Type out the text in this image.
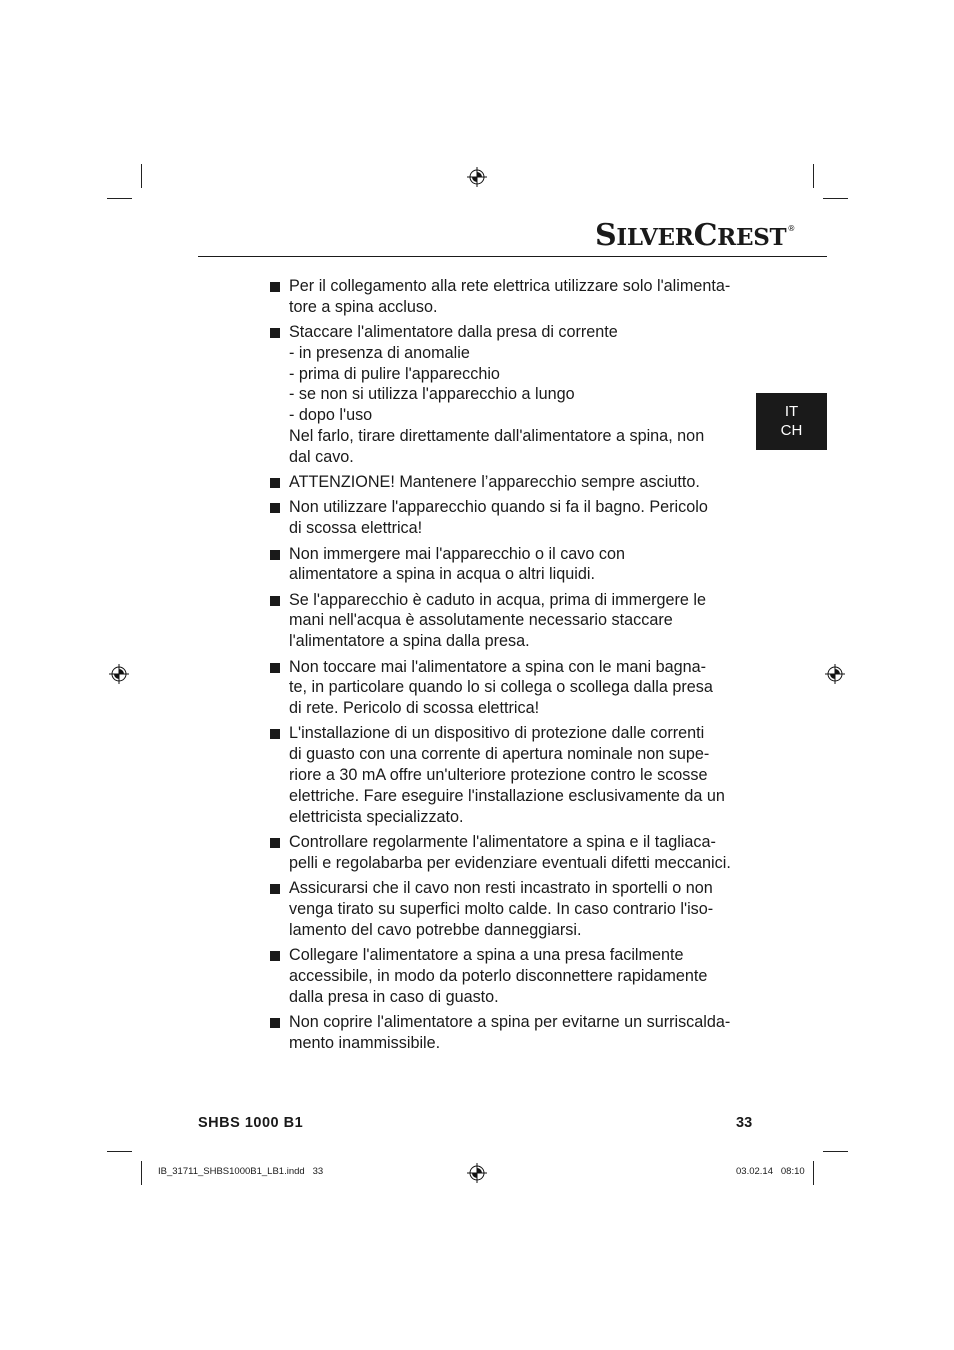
SILVERCREST®
IT
CH
Per il collegamento alla rete elettrica utilizzare solo l'alimenta-
tore a spina accluso.
Staccare l'alimentatore dalla presa di corrente
- in presenza di anomalie
- prima di pulire l'apparecchio
- se non si utilizza l'apparecchio a lungo
- dopo l'uso
Nel farlo, tirare direttamente dall'alimentatore a spina, non
dal cavo.
ATTENZIONE! Mantenere l’apparecchio sempre asciutto.
Non utilizzare l'apparecchio quando si fa il bagno. Pericolo
di scossa elettrica!
Non immergere mai l'apparecchio o il cavo con
alimentatore a spina in acqua o altri liquidi.
Se l'apparecchio è caduto in acqua, prima di immergere le
mani nell'acqua è assolutamente necessario staccare
l'alimentatore a spina dalla presa.
Non toccare mai l'alimentatore a spina con le mani bagna-
te, in particolare quando lo si collega o scollega dalla presa
di rete. Pericolo di scossa elettrica!
L'installazione di un dispositivo di protezione dalle correnti
di guasto con una corrente di apertura nominale non supe-
riore a 30 mA offre un'ulteriore protezione contro le scosse
elettriche. Fare eseguire l'installazione esclusivamente da un
elettricista specializzato.
Controllare regolarmente l'alimentatore a spina e il tagliaca-
pelli e regolabarba per evidenziare eventuali difetti meccanici.
Assicurarsi che il cavo non resti incastrato in sportelli o non
venga tirato su superfici molto calde. In caso contrario l'iso-
lamento del cavo potrebbe danneggiarsi.
Collegare l'alimentatore a spina a una presa facilmente
accessibile, in modo da poterlo disconnettere rapidamente
dalla presa in caso di guasto.
Non coprire l'alimentatore a spina per evitarne un surriscalda-
mento inammissibile.
SHBS 1000 B1	33
IB_31711_SHBS1000B1_LB1.indd   33	03.02.14   08:10
